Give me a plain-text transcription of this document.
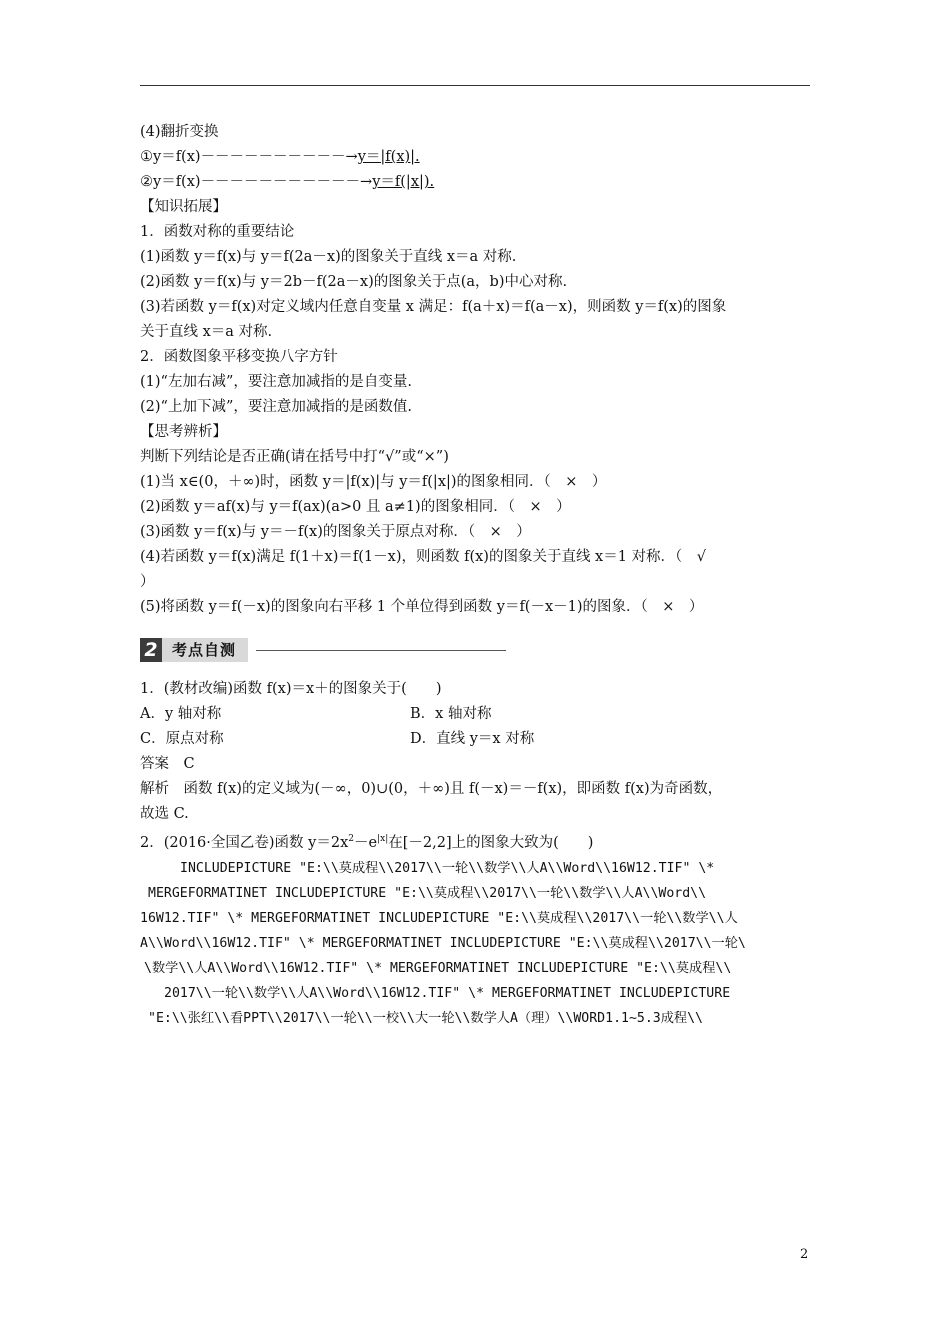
(4)翻折变换
①y＝f(x)－－－－－－－－－－→y＝|f(x)|.
②y＝f(x)－－－－－－－－－－－→y＝f(|x|).
【知识拓展】
1．函数对称的重要结论
(1)函数 y＝f(x)与 y＝f(2a－x)的图象关于直线 x＝a 对称.
(2)函数 y＝f(x)与 y＝2b－f(2a－x)的图象关于点(a，b)中心对称.
(3)若函数 y＝f(x)对定义域内任意自变量 x 满足：f(a＋x)＝f(a－x)，则函数 y＝f(x)的图象
关于直线 x＝a 对称.
2．函数图象平移变换八字方针
(1)“左加右减”，要注意加减指的是自变量.
(2)“上加下减”，要注意加减指的是函数值.
【思考辨析】
判断下列结论是否正确(请在括号中打“√”或“×”)
(1)当 x∈(0，＋∞)时，函数 y＝|f(x)|与 y＝f(|x|)的图象相同．（　×　）
(2)函数 y＝af(x)与 y＝f(ax)(a>0 且 a≠1)的图象相同．（　×　）
(3)函数 y＝f(x)与 y＝－f(x)的图象关于原点对称．（　×　）
(4)若函数 y＝f(x)满足 f(1＋x)＝f(1－x)，则函数 f(x)的图象关于直线 x＝1 对称．（　√
）
(5)将函数 y＝f(－x)的图象向右平移 1 个单位得到函数 y＝f(－x－1)的图象．（　×　）
2 考点自测
1．(教材改编)函数 f(x)＝x＋的图象关于(　　)
A．y 轴对称	B．x 轴对称
C．原点对称	D．直线 y＝x 对称
答案　C
解析　函数 f(x)的定义域为(－∞，0)∪(0，＋∞)且 f(－x)＝－f(x)，即函数 f(x)为奇函数，
故选 C.
2．(2016·全国乙卷)函数 $y=2x^2-e^{|x|}$在[－2,2]上的图象大致为(　　)
INCLUDEPICTURE "E:\\莫成程\\2017\\一轮\\数学\\人A\\Word\\16W12.TIF" \*
MERGEFORMATINET INCLUDEPICTURE "E:\\莫成程\\2017\\一轮\\数学\\人A\\Word\\
16W12.TIF" \* MERGEFORMATINET INCLUDEPICTURE "E:\\莫成程\\2017\\一轮\\数学\\人
A\\Word\\16W12.TIF" \* MERGEFORMATINET INCLUDEPICTURE "E:\\莫成程\\2017\\一轮\
\数学\\人A\\Word\\16W12.TIF" \* MERGEFORMATINET INCLUDEPICTURE "E:\\莫成程\\
2017\\一轮\\数学\\人A\\Word\\16W12.TIF" \* MERGEFORMATINET INCLUDEPICTURE
"E:\\张红\\看PPT\\2017\\一轮\\一校\\大一轮\\数学人A（理）\\WORD1.1~5.3成程\\
2
